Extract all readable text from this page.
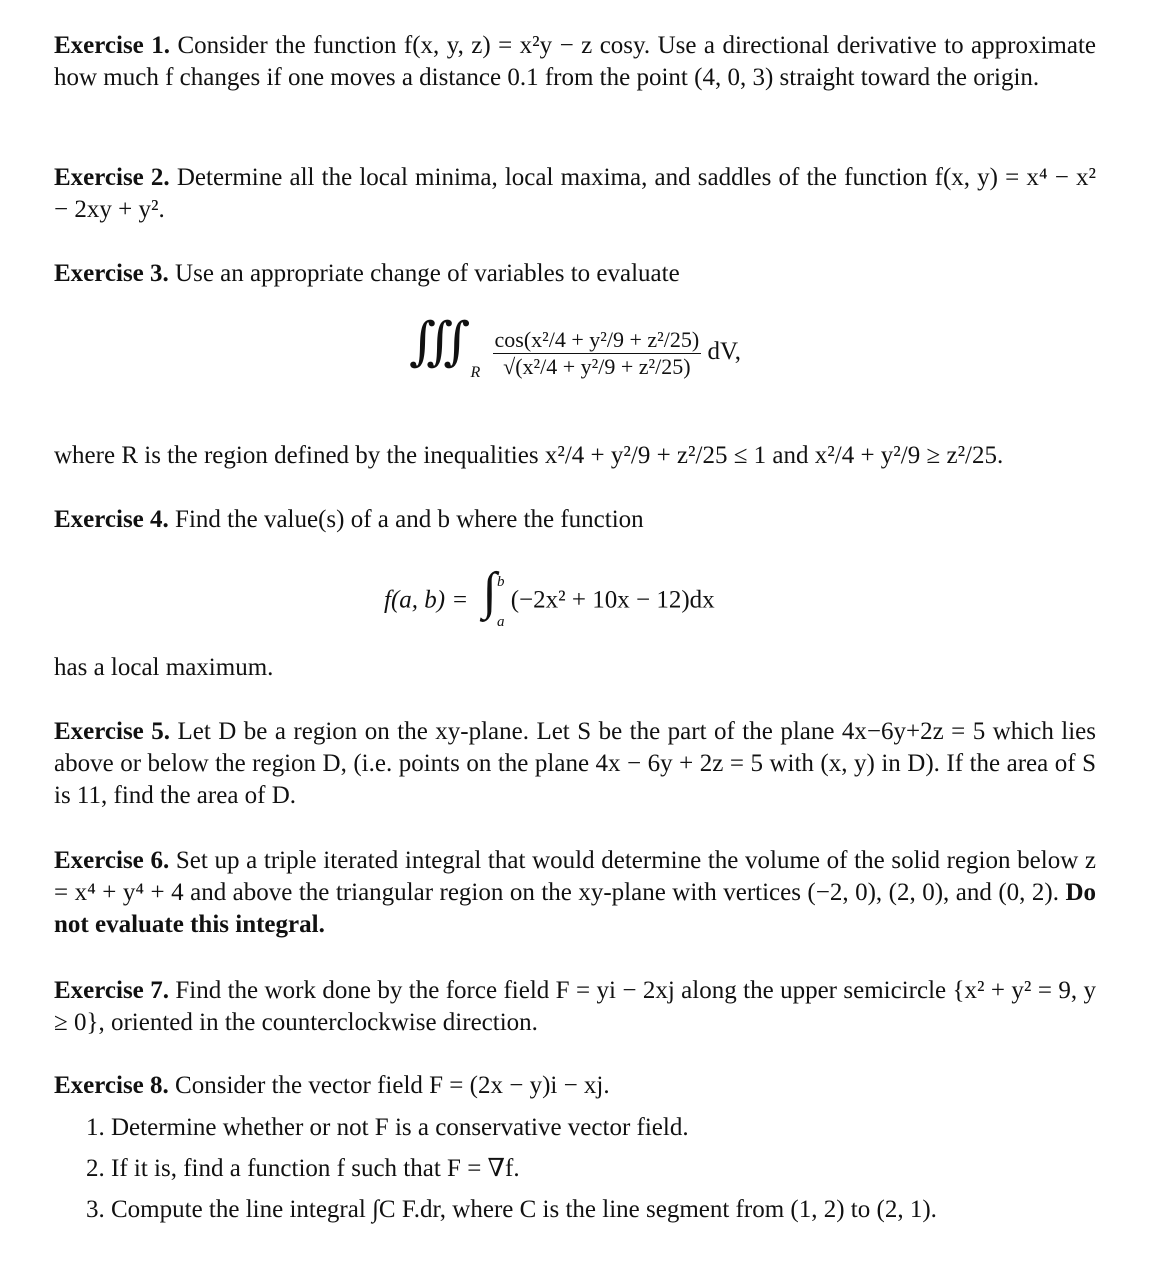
Exercise 1. Consider the function f(x, y, z) = x²y − z cosy. Use a directional derivative to approximate how much f changes if one moves a distance 0.1 from the point (4, 0, 3) straight toward the origin.

Exercise 2. Determine all the local minima, local maxima, and saddles of the function f(x, y) = x⁴ − x² − 2xy + y².

Exercise 3. Use an appropriate change of variables to evaluate

$∭_R \frac{\text{cos(x²/4 + y²/9 + z²/25)}}{\text{√(x²/4 + y²/9 + z²/25)}}$ dV,

where R is the region defined by the inequalities x²/4 + y²/9 + z²/25 ≤ 1 and x²/4 + y²/9 ≥ z²/25.

Exercise 4. Find the value(s) of a and b where the function

f(a, b) = ∫ b
a
(−2x² + 10x − 12)dx

has a local maximum.

Exercise 5. Let D be a region on the xy-plane. Let S be the part of the plane 4x−6y+2z = 5 which lies above or below the region D, (i.e. points on the plane 4x − 6y + 2z = 5 with (x, y) in D). If the area of S is 11, find the area of D.

Exercise 6. Set up a triple iterated integral that would determine the volume of the solid region below z = x⁴ + y⁴ + 4 and above the triangular region on the xy-plane with vertices (−2, 0), (2, 0), and (0, 2). Do not evaluate this integral.

Exercise 7. Find the work done by the force field F = yi − 2xj along the upper semicircle {x² + y² = 9, y ≥ 0}, oriented in the counterclockwise direction.

Exercise 8. Consider the vector field F = (2x − y)i − xj.

1. Determine whether or not F is a conservative vector field.

2. If it is, find a function f such that F = ∇f.

3. Compute the line integral ∫C F.dr, where C is the line segment from (1, 2) to (2, 1).
